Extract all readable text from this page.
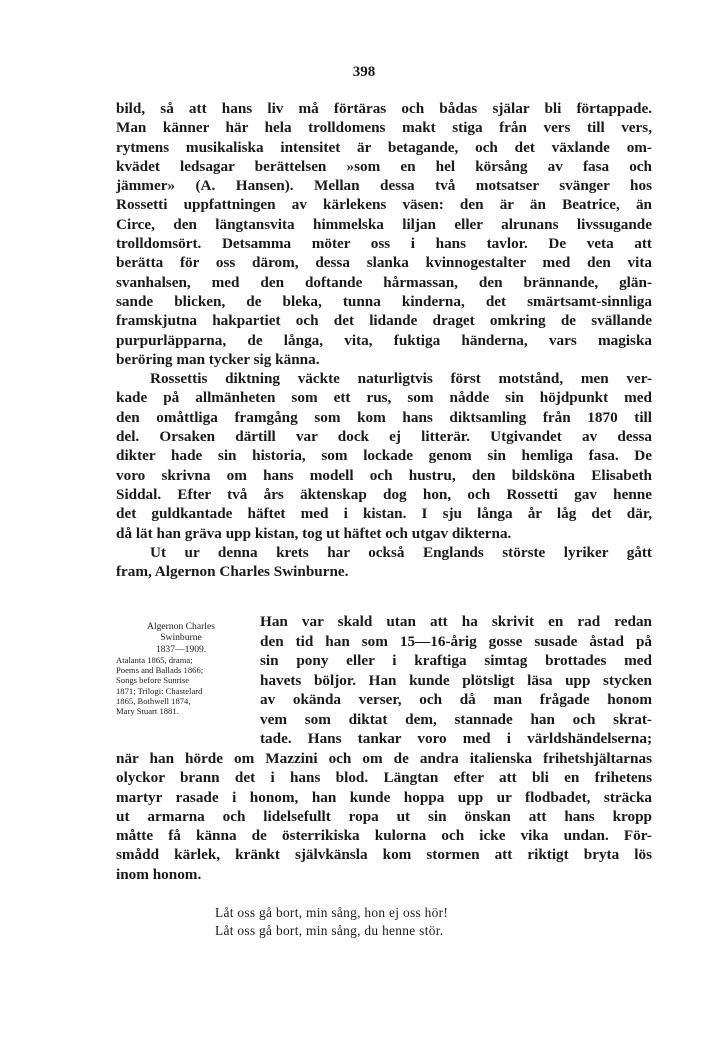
398
bild, så att hans liv må förtäras och bådas själar bli förtappade.
Man känner här hela trolldomens makt stiga från vers till vers,
rytmens musikaliska intensitet är betagande, och det växlande om-
kvädet ledsagar berättelsen »som en hel körsång av fasa och
jämmer» (A. Hansen). Mellan dessa två motsatser svänger hos
Rossetti uppfattningen av kärlekens väsen: den är än Beatrice, än
Circe, den längtansvita himmelska liljan eller alrunans livssugande
trolldomsört. Detsamma möter oss i hans tavlor. De veta att
berätta för oss därom, dessa slanka kvinnogestalter med den vita
svanhalsen, med den doftande hårmassan, den brännande, glän-
sande blicken, de bleka, tunna kinderna, det smärtsamt-sinnliga
framskjutna hakpartiet och det lidande draget omkring de svällande
purpurläpparna, de långa, vita, fuktiga händerna, vars magiska
beröring man tycker sig känna.
Rossettis diktning väckte naturligtvis först motstånd, men ver-
kade på allmänheten som ett rus, som nådde sin höjdpunkt med
den omåttliga framgång som kom hans diktsamling från 1870 till
del. Orsaken därtill var dock ej litterär. Utgivandet av dessa
dikter hade sin historia, som lockade genom sin hemliga fasa. De
voro skrivna om hans modell och hustru, den bildsköna Elisabeth
Siddal. Efter två års äktenskap dog hon, och Rossetti gav henne
det guldkantade häftet med i kistan. I sju långa år låg det där,
då lät han gräva upp kistan, tog ut häftet och utgav dikterna.
Ut ur denna krets har också Englands störste lyriker gått
fram, Algernon Charles Swinburne.
Algernon Charles
Swinburne
1837—1909.
Atalanta 1865, drama;
Poems and Ballads 1866;
Songs before Sunrise
1871; Trilogi: Chastelard
1865, Bothwell 1874,
Mary Stuart 1881.
Han var skald utan att ha skrivit en rad redan
den tid han som 15—16-årig gosse susade åstad på
sin pony eller i kraftiga simtag brottades med
havets böljor. Han kunde plötsligt läsa upp stycken
av okända verser, och då man frågade honom
vem som diktat dem, stannade han och skrat-
tade. Hans tankar voro med i världshändelserna;
när han hörde om Mazzini och om de andra italienska frihetshjältarnas
olyckor brann det i hans blod. Längtan efter att bli en frihetens
martyr rasade i honom, han kunde hoppa upp ur flodbadet, sträcka
ut armarna och lidelsefullt ropa ut sin önskan att hans kropp
måtte få känna de österrikiska kulorna och icke vika undan. För-
smådd kärlek, kränkt självkänsla kom stormen att riktigt bryta lös
inom honom.
Låt oss gå bort, min sång, hon ej oss hör!
Låt oss gå bort, min sång, du henne stör.
